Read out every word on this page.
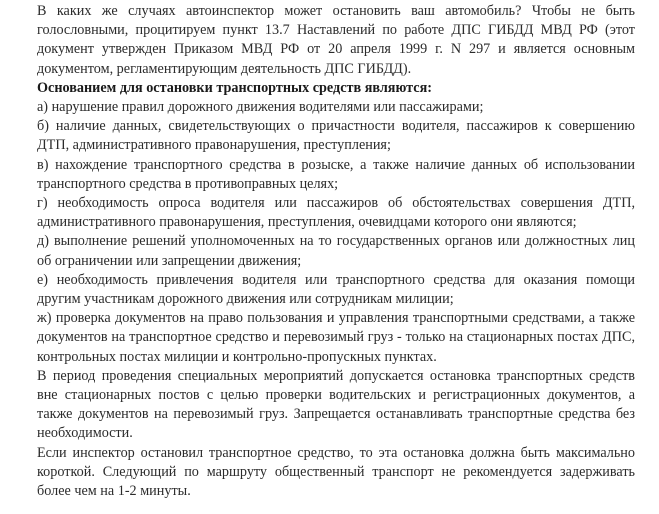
В каких же случаях автоинспектор может остановить ваш автомобиль? Чтобы не быть голословными, процитируем пункт 13.7 Наставлений по работе ДПС ГИБДД МВД РФ (этот документ утвержден Приказом МВД РФ от 20 апреля 1999 г. N 297 и является основным документом, регламентирующим деятельность ДПС ГИБДД).

Основанием для остановки транспортных средств являются:

а) нарушение правил дорожного движения водителями или пассажирами;

б) наличие данных, свидетельствующих о причастности водителя, пассажиров к совершению ДТП, административного правонарушения, преступления;

в) нахождение транспортного средства в розыске, а также наличие данных об использовании транспортного средства в противоправных целях;

г) необходимость опроса водителя или пассажиров об обстоятельствах совершения ДТП, административного правонарушения, преступления, очевидцами которого они являются;

д) выполнение решений уполномоченных на то государственных органов или должностных лиц об ограничении или запрещении движения;

е) необходимость привлечения водителя или транспортного средства для оказания помощи другим участникам дорожного движения или сотрудникам милиции;

ж) проверка документов на право пользования и управления транспортными средствами, а также документов на транспортное средство и перевозимый груз - только на стационарных постах ДПС, контрольных постах милиции и контрольно-пропускных пунктах.

В период проведения специальных мероприятий допускается остановка транспортных средств вне стационарных постов с целью проверки водительских и регистрационных документов, а также документов на перевозимый груз. Запрещается останавливать транспортные средства без необходимости.

Если инспектор остановил транспортное средство, то эта остановка должна быть максимально короткой. Следующий по маршруту общественный транспорт не рекомендуется задерживать более чем на 1-2 минуты.
